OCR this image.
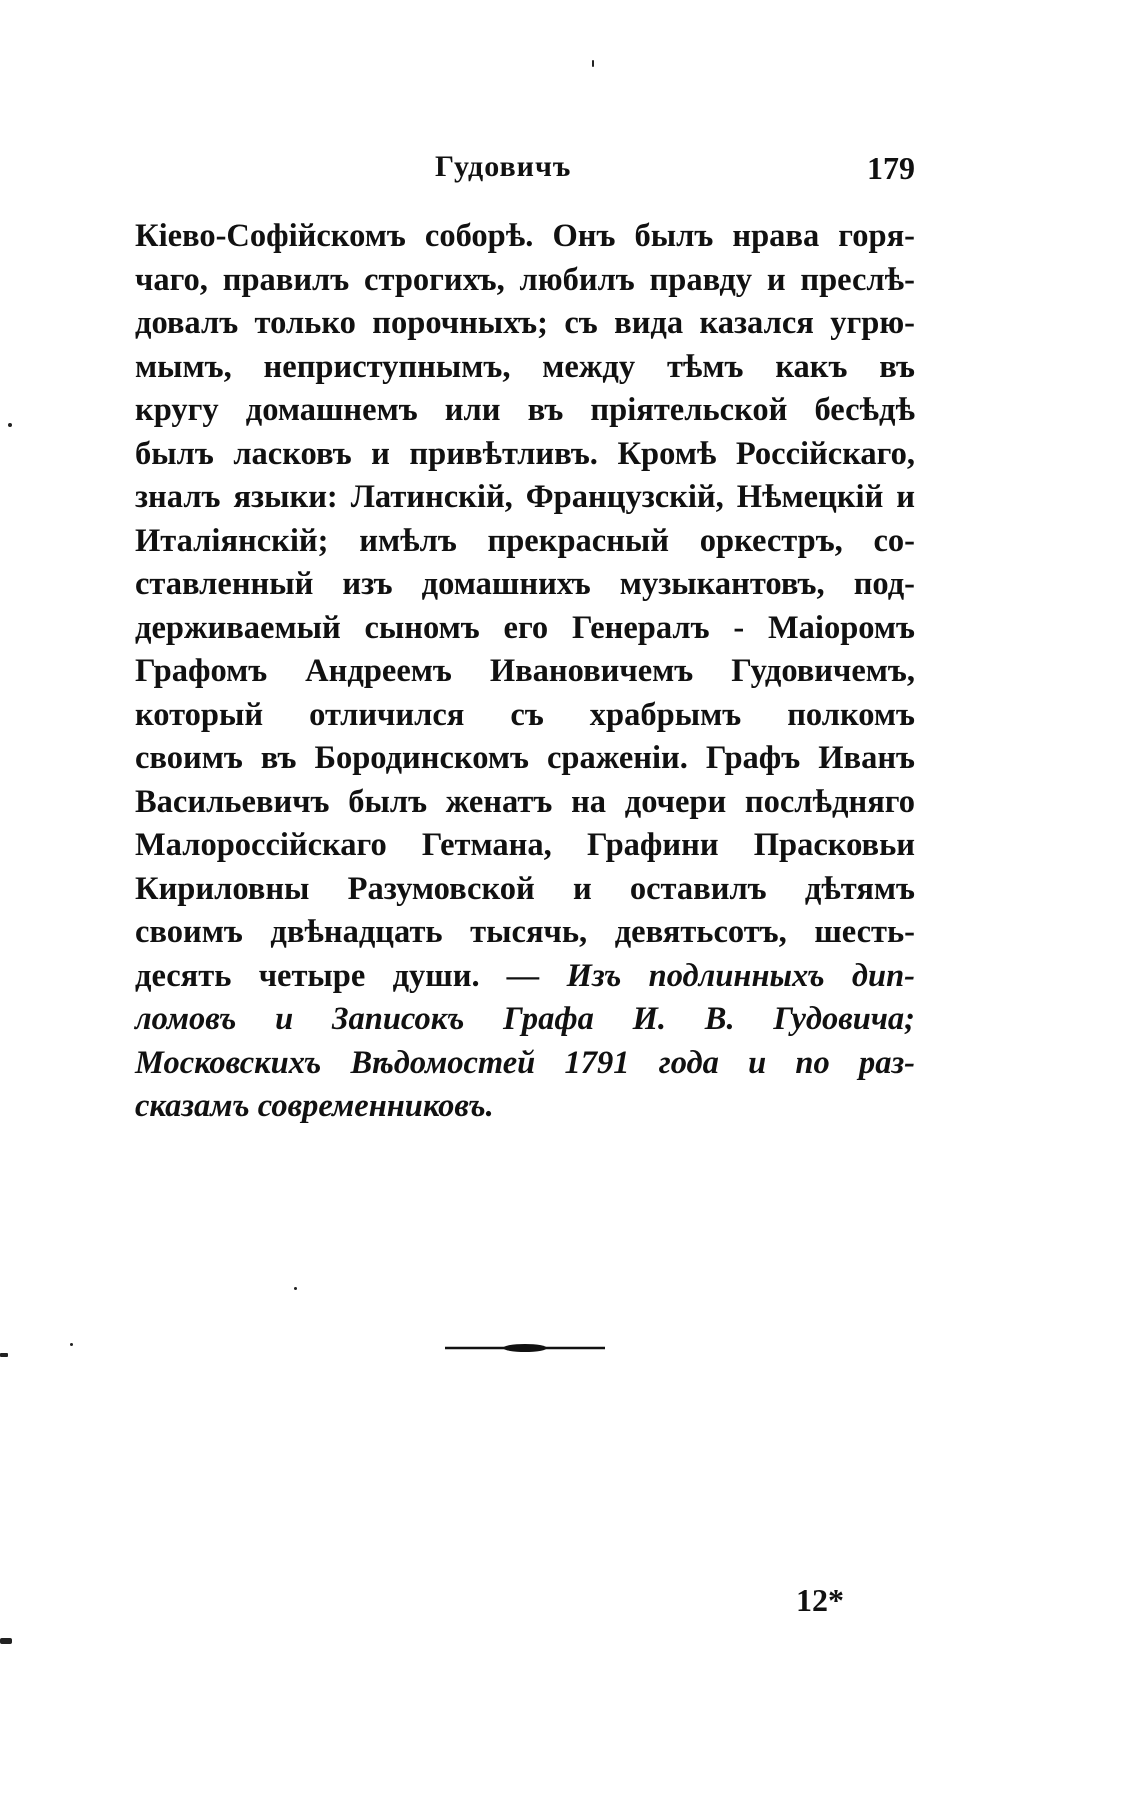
Гудовичъ	179
Кіево-Софійскомъ соборѣ. Онъ былъ нрава горя-
чаго, правилъ строгихъ, любилъ правду и преслѣ-
довалъ только порочныхъ; съ вида казался угрю-
мымъ, неприступнымъ, между тѣмъ какъ въ
кругу домашнемъ или въ пріятельской бесѣдѣ
былъ ласковъ и привѣтливъ. Кромѣ Россійскаго,
зналъ языки: Латинскій, Французскій, Нѣмецкій и
Италіянскій; имѣлъ прекрасный оркестръ, со-
ставленный изъ домашнихъ музыкантовъ, под-
держиваемый сыномъ его Генералъ - Маіоромъ
Графомъ Андреемъ Ивановичемъ Гудовичемъ,
который отличился съ храбрымъ полкомъ
своимъ въ Бородинскомъ сраженіи. Графъ Иванъ
Васильевичъ былъ женатъ на дочери послѣдняго
Малороссійскаго Гетмана, Графини Прасковьи
Кириловны Разумовской и оставилъ дѣтямъ
своимъ двѣнадцать тысячь, девятьсотъ, шесть-
десять четыре души. — Изъ подлинныхъ дип-
ломовъ и Записокъ Графа И. В. Гудовича;
Московскихъ Вѣдомостей 1791 года и по раз-
сказамъ современниковъ.
12*
